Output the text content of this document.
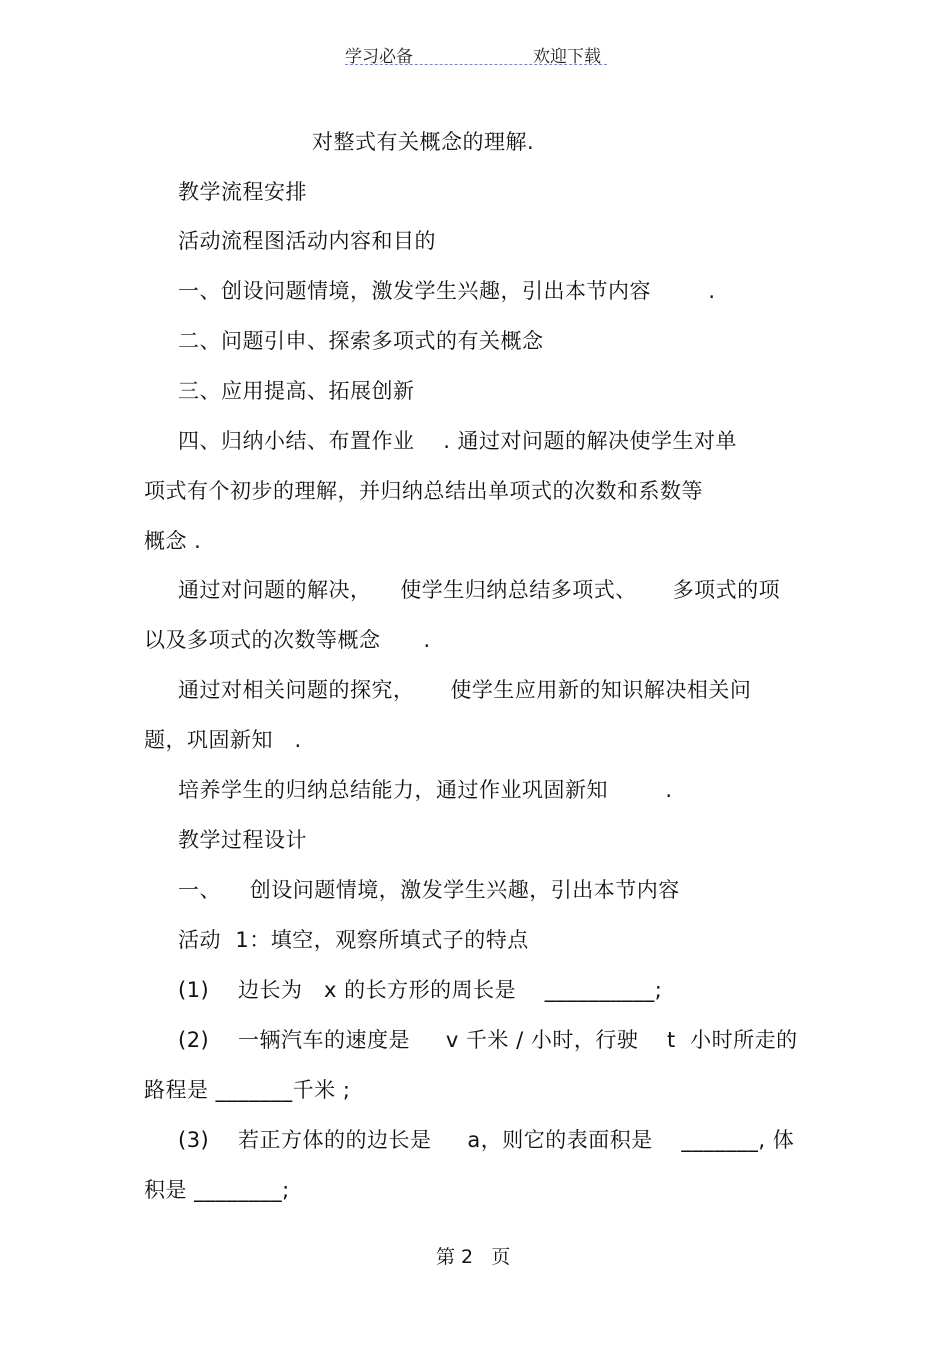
学习必备	欢迎下载
对整式有关概念的理解.
教学流程安排
活动流程图活动内容和目的
一、创设问题情境，激发学生兴趣，引出本节内容        .
二、问题引申、探索多项式的有关概念
三、应用提高、拓展创新
四、归纳小结、布置作业    . 通过对问题的解决使学生对单
项式有个初步的理解，并归纳总结出单项式的次数和系数等
概念 .
通过对问题的解决，    使学生归纳总结多项式、     多项式的项
以及多项式的次数等概念      .
通过对相关问题的探究，     使学生应用新的知识解决相关问
题，巩固新知   .
培养学生的归纳总结能力，通过作业巩固新知        .
教学过程设计
一、    创设问题情境，激发学生兴趣，引出本节内容
活动  1：填空，观察所填式子的特点
(1)    边长为   x 的长方形的周长是    __________;
(2)    一辆汽车的速度是     v 千米 / 小时，行驶    t  小时所走的
路程是 _______千米 ;
(3)    若正方体的的边长是     a，则它的表面积是    _______, 体
积是 ________;
第 2   页
